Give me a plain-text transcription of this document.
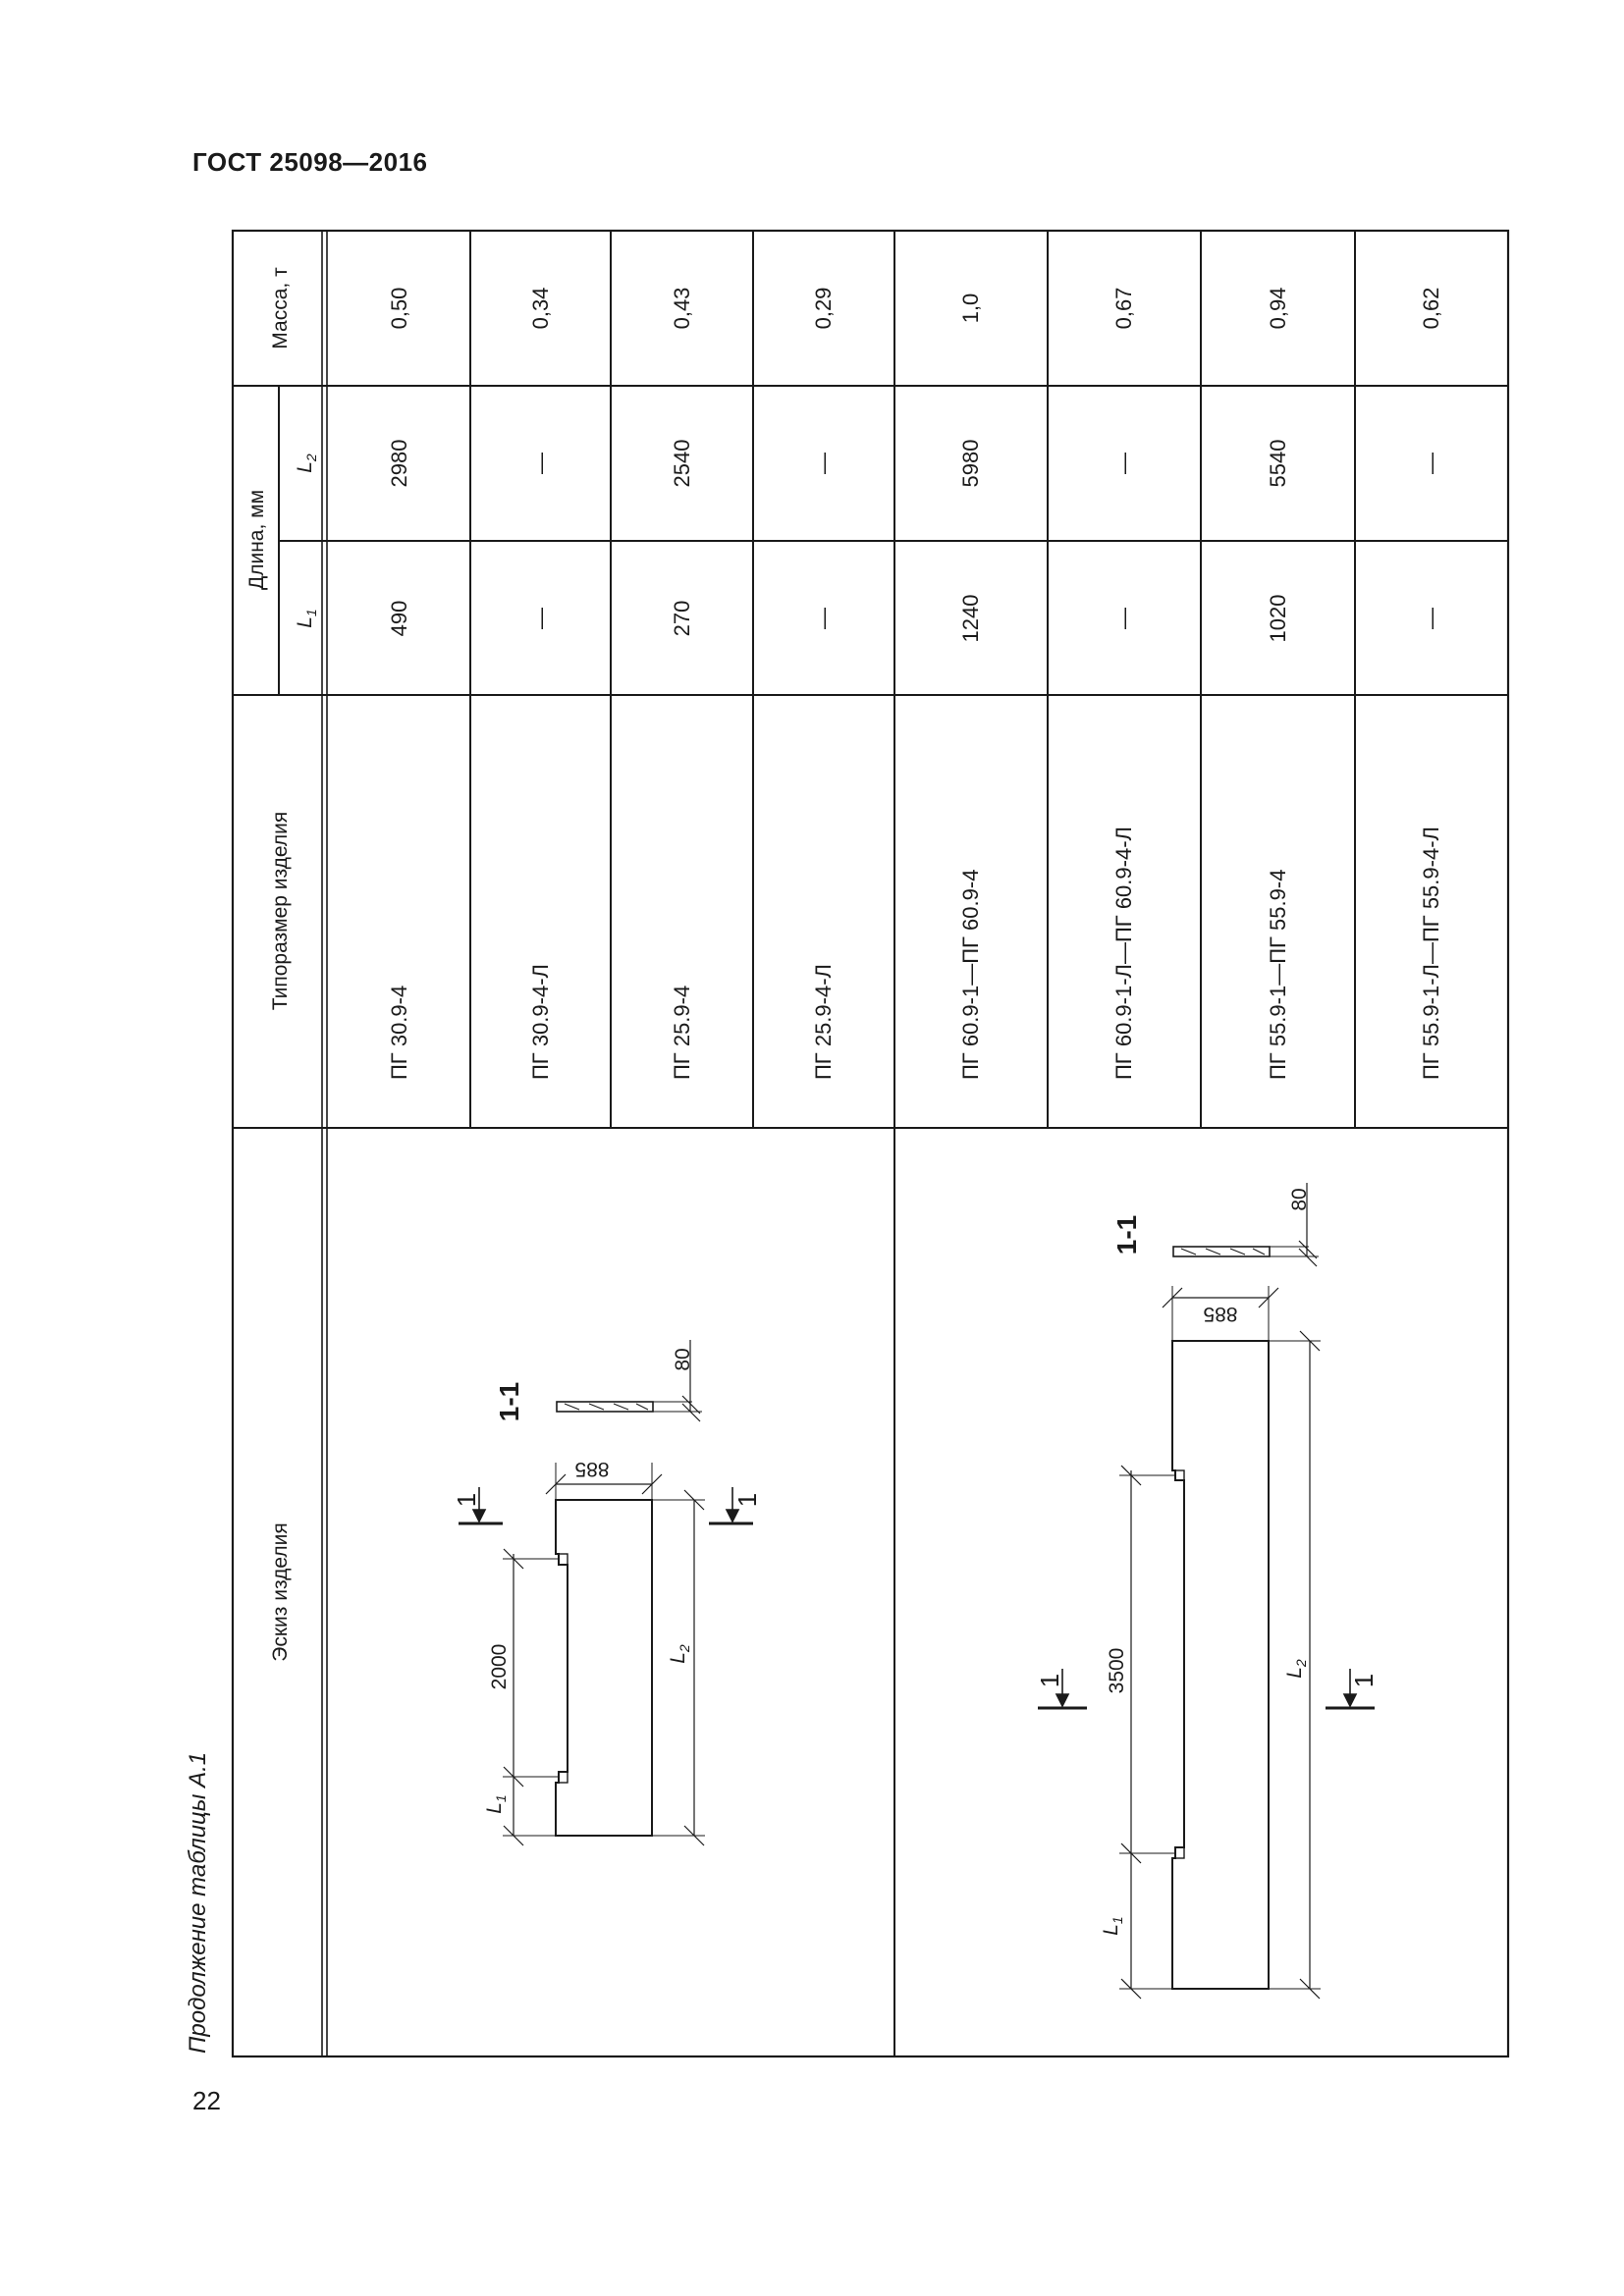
ГОСТ 25098—2016
Продолжение таблицы А.1
22
Масса, т
Длина, мм
$L_2$
$L_1$
Типоразмер изделия
Эскиз изделия
0,50
2980
490
ПГ 30.9-4
0,34
—
—
ПГ 30.9-4-Л
0,43
2540
270
ПГ 25.9-4
0,29
—
—
ПГ 25.9-4-Л
1,0
5980
1240
ПГ 60.9-1—ПГ 60.9-4
0,67
—
—
ПГ 60.9-1-Л—ПГ 60.9-4-Л
0,94
5540
1020
ПГ 55.9-1—ПГ 55.9-4
0,62
—
—
ПГ 55.9-1-Л—ПГ 55.9-4-Л
885
80
2000
1-1
1	1
$L_2$
$L_1$
885
80
3500
1-1
1	1
$L_2$
$L_1$
